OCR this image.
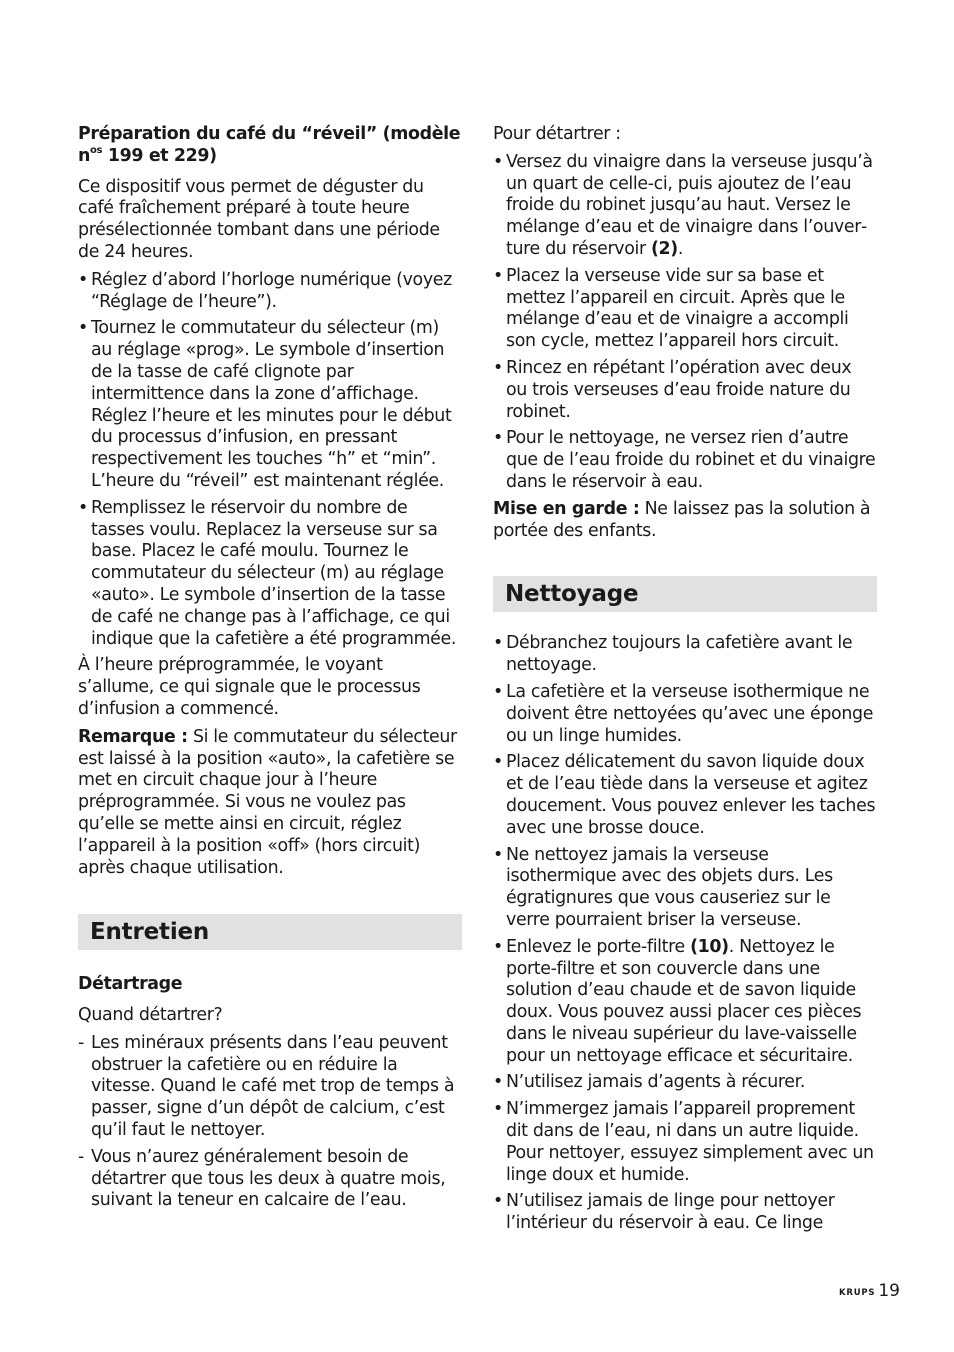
Préparation du café du “réveil” (modèle $n^{os}$ 199 et 229)

Ce dispositif vous permet de déguster du café fraîchement préparé à toute heure présélectionnée tombant dans une période de 24 heures.

• Réglez d’abord l’horloge numérique (voyez “Réglage de l’heure”).
• Tournez le commutateur du sélecteur (m) au réglage «prog». Le symbole d’insertion de la tasse de café clignote par intermittence dans la zone d’affichage. Réglez l’heure et les minutes pour le début du processus d’infusion, en pressant respectivement les touches “h” et “min”. L’heure du “réveil” est maintenant réglée.
• Remplissez le réservoir du nombre de tasses voulu. Replacez la verseuse sur sa base. Placez le café moulu. Tournez le commutateur du sélecteur (m) au réglage «auto». Le symbole d’insertion de la tasse de café ne change pas à l’affichage, ce qui indique que la cafetière a été programmée.

À l’heure préprogrammée, le voyant s’allume, ce qui signale que le processus d’infusion a commencé.

Remarque : Si le commutateur du sélecteur est laissé à la position «auto», la cafetière se met en circuit chaque jour à l’heure préprogrammée. Si vous ne voulez pas qu’elle se mette ainsi en circuit, réglez l’appareil à la position «off» (hors circuit) après chaque utilisation.

Entretien

Détartrage

Quand détartrer?

- Les minéraux présents dans l’eau peuvent obstruer la cafetière ou en réduire la vitesse. Quand le café met trop de temps à passer, signe d’un dépôt de calcium, c’est qu’il faut le nettoyer.
- Vous n’aurez généralement besoin de détartrer que tous les deux à quatre mois, suivant la teneur en calcaire de l’eau.

Pour détartrer :

• Versez du vinaigre dans la verseuse jusqu’à un quart de celle-ci, puis ajoutez de l’eau froide du robinet jusqu’au haut. Versez le mélange d’eau et de vinaigre dans l’ouverture du réservoir (2).
• Placez la verseuse vide sur sa base et mettez l’appareil en circuit. Après que le mélange d’eau et de vinaigre a accompli son cycle, mettez l’appareil hors circuit.
• Rincez en répétant l’opération avec deux ou trois verseuses d’eau froide nature du robinet.
• Pour le nettoyage, ne versez rien d’autre que de l’eau froide du robinet et du vinaigre dans le réservoir à eau.

Mise en garde : Ne laissez pas la solution à portée des enfants.

Nettoyage
• Débranchez toujours la cafetière avant le nettoyage.
• La cafetière et la verseuse isothermique ne doivent être nettoyées qu’avec une éponge ou un linge humides.
• Placez délicatement du savon liquide doux et de l’eau tiède dans la verseuse et agitez doucement. Vous pouvez enlever les taches avec une brosse douce.
• Ne nettoyez jamais la verseuse isothermique avec des objets durs. Les égratignures que vous causeriez sur le verre pourraient briser la verseuse.
• Enlevez le porte-filtre (10). Nettoyez le porte-filtre et son couvercle dans une solution d’eau chaude et de savon liquide doux. Vous pouvez aussi placer ces pièces dans le niveau supérieur du lave-vaisselle pour un nettoyage efficace et sécuritaire.
• N’utilisez jamais d’agents à récurer.
• N’immergez jamais l’appareil proprement dit dans de l’eau, ni dans un autre liquide. Pour nettoyer, essuyez simplement avec un linge doux et humide.
• N’utilisez jamais de linge pour nettoyer l’intérieur du réservoir à eau. Ce linge
KRUPS 19
